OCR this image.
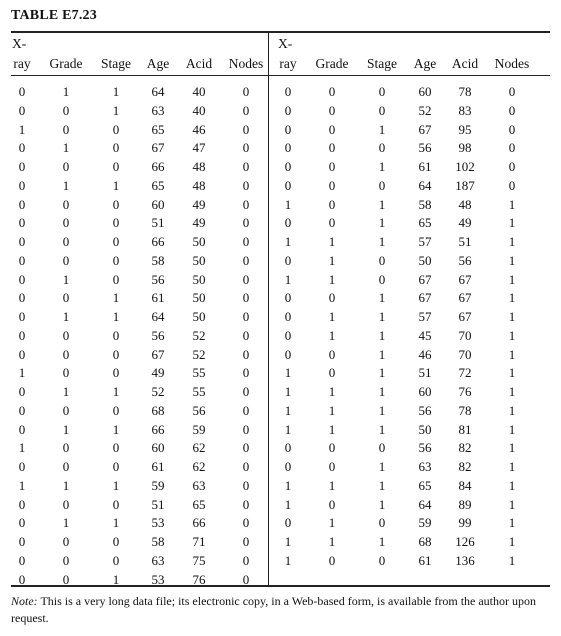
TABLE E7.23
X-
ray	Grade	Stage	Age	Acid	Nodes
X-
ray	Grade	Stage	Age	Acid	Nodes
0	1	1	64	40	0
0	0	1	63	40	0
1	0	0	65	46	0
0	1	0	67	47	0
0	0	0	66	48	0
0	1	1	65	48	0
0	0	0	60	49	0
0	0	0	51	49	0
0	0	0	66	50	0
0	0	0	58	50	0
0	1	0	56	50	0
0	0	1	61	50	0
0	1	1	64	50	0
0	0	0	56	52	0
0	0	0	67	52	0
1	0	0	49	55	0
0	1	1	52	55	0
0	0	0	68	56	0
0	1	1	66	59	0
1	0	0	60	62	0
0	0	0	61	62	0
1	1	1	59	63	0
0	0	0	51	65	0
0	1	1	53	66	0
0	0	0	58	71	0
0	0	0	63	75	0
0	0	1	53	76	0
0	0	0	60	78	0
0	0	0	52	83	0
0	0	1	67	95	0
0	0	0	56	98	0
0	0	1	61	102	0
0	0	0	64	187	0
1	0	1	58	48	1
0	0	1	65	49	1
1	1	1	57	51	1
0	1	0	50	56	1
1	1	0	67	67	1
0	0	1	67	67	1
0	1	1	57	67	1
0	1	1	45	70	1
0	0	1	46	70	1
1	0	1	51	72	1
1	1	1	60	76	1
1	1	1	56	78	1
1	1	1	50	81	1
0	0	0	56	82	1
0	0	1	63	82	1
1	1	1	65	84	1
1	0	1	64	89	1
0	1	0	59	99	1
1	1	1	68	126	1
1	0	0	61	136	1
Note: This is a very long data file; its electronic copy, in a Web-based form, is available from the author upon request.
